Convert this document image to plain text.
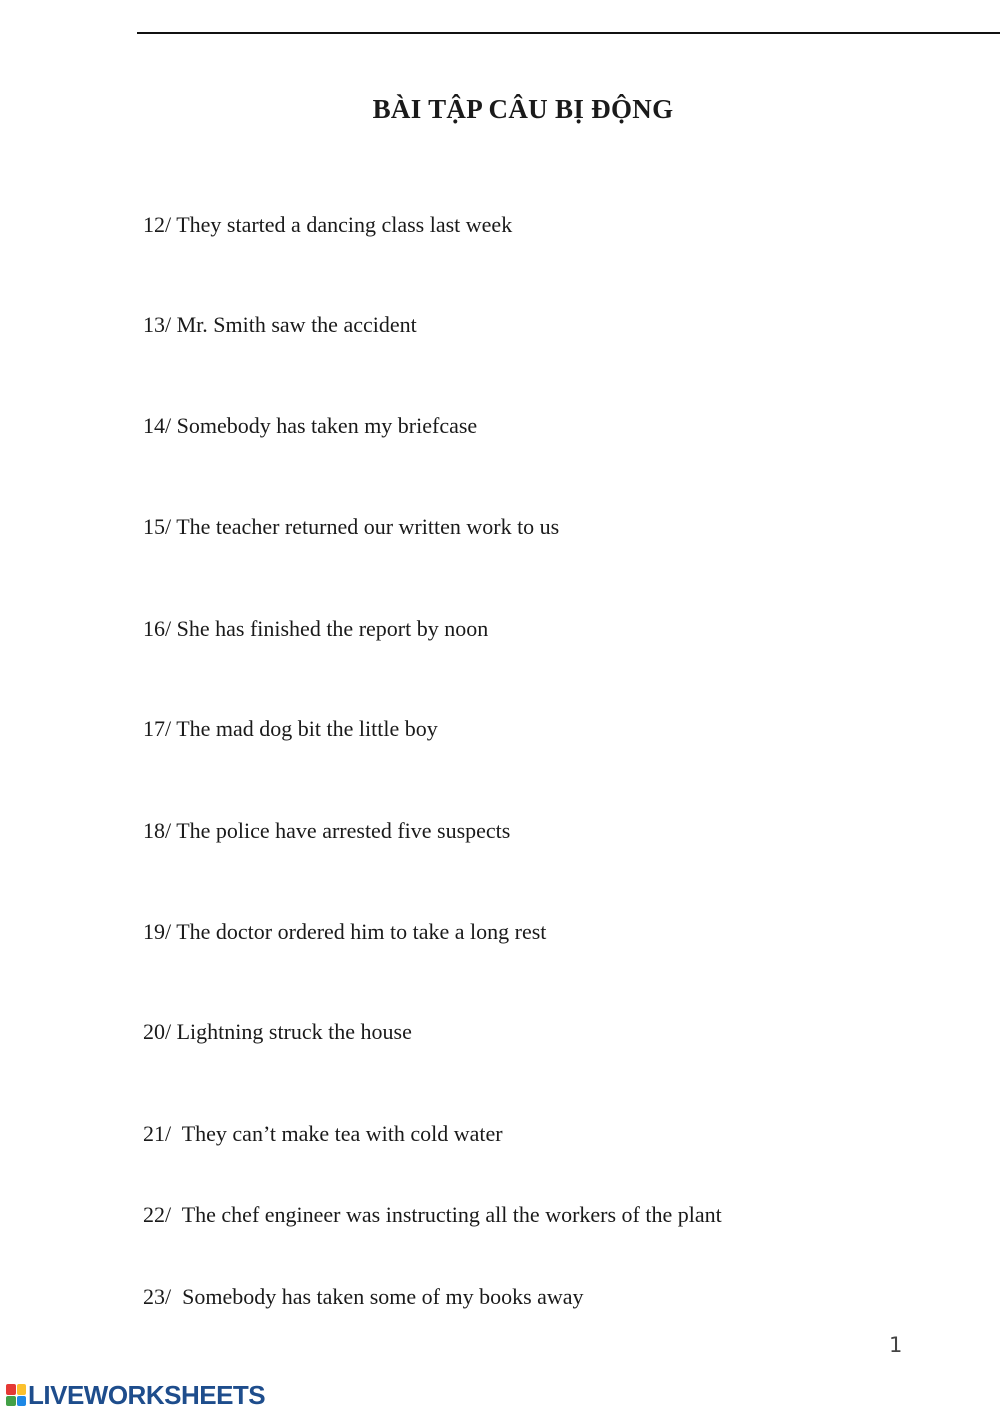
BÀI TẬP CÂU BỊ ĐỘNG
12/ They started a dancing class last week
13/ Mr. Smith saw the accident
14/ Somebody has taken my briefcase
15/ The teacher returned our written work to us
16/ She has finished the report by noon
17/ The mad dog bit the little boy
18/ The police have arrested five suspects
19/ The doctor ordered him to take a long rest
20/ Lightning struck the house
21/  They can’t make tea with cold water
22/  The chef engineer was instructing all the workers of the plant
23/  Somebody has taken some of my books away
1
LIVEWORKSHEETS
